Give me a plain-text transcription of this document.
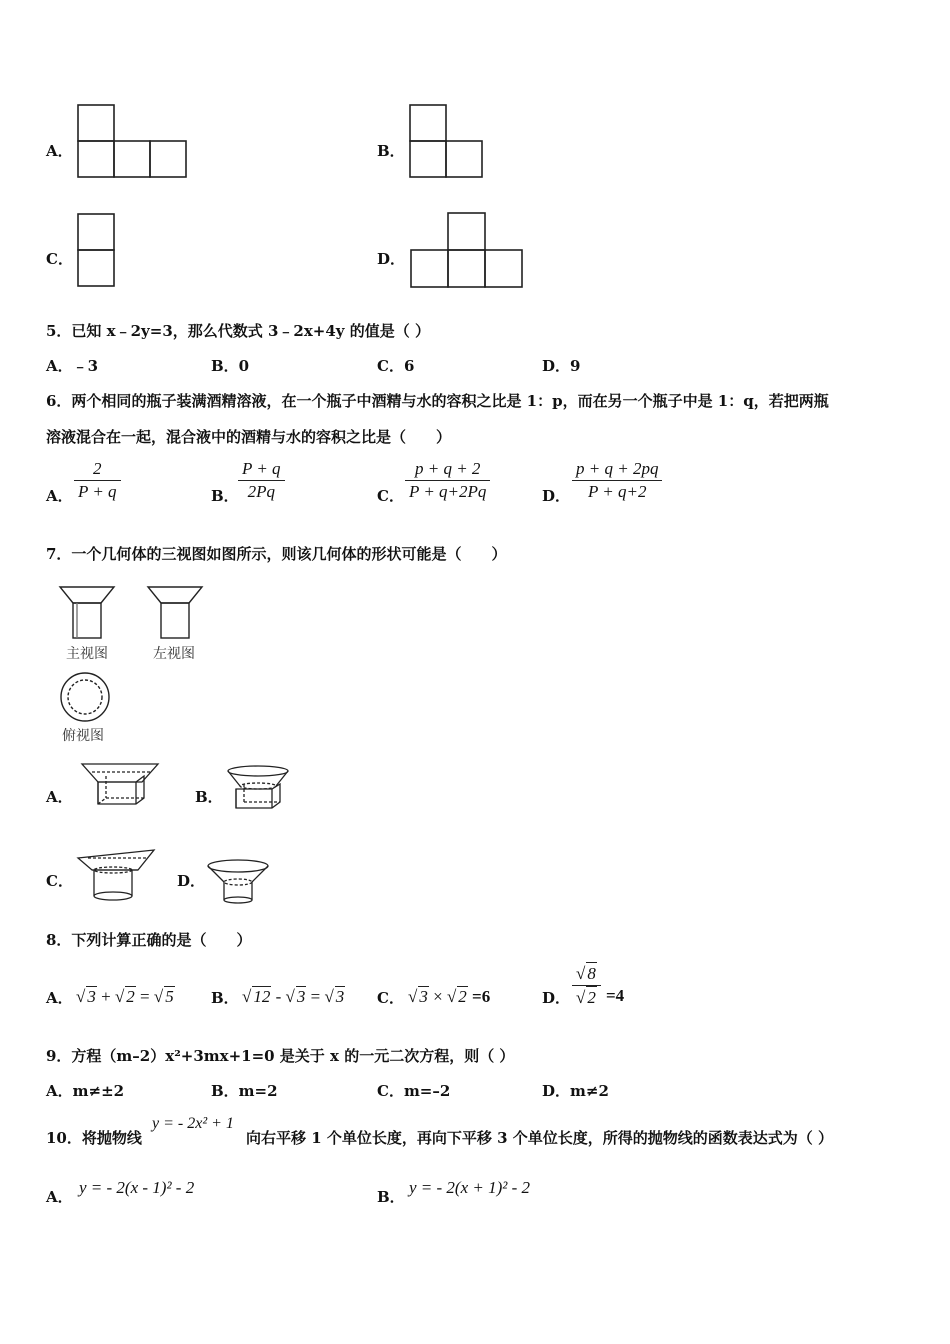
A．	B．
C．	D．
5．已知 x﹣2y=3，那么代数式 3﹣2x+4y 的值是（ ）
A．﹣3	B．0	C．6	D．9
6．两个相同的瓶子装满酒精溶液，在一个瓶子中酒精与水的容积之比是 1：p，而在另一个瓶子中是 1：q，若把两瓶
溶液混合在一起，混合液中的酒精与水的容积之比是（　　）
A． $\frac{2}{P + q}$	B． $\frac{P + q}{2Pq}$	C． $\frac{p + q + 2}{P + q+2Pq}$	D． $\frac{p + q + 2pq}{P + q+2}$
7．一个几何体的三视图如图所示，则该几何体的形状可能是（　　）
主视图	左视图
俯视图
A．	B．
C．	D．
8．下列计算正确的是（　　）
A． √ 3 + √ 2 = √ 5 B． √ 12 - √ 3 = √ 3 C． √ 3 × √ 2 =6	D． $\frac{√ 8}{√ 2} =4$
9．方程（m–2）x²+3mx+1=0 是关于 x 的一元二次方程，则（ ）
A．m≠±2	B．m=2	C．m=–2	D．m≠2
10．将抛物线
y = - 2x² + 1
向右平移 1 个单位长度，再向下平移 3 个单位长度，所得的抛物线的函数表达式为（ ）
A． y = - 2(x - 1)² - 2	B． y = - 2(x + 1)² - 2
